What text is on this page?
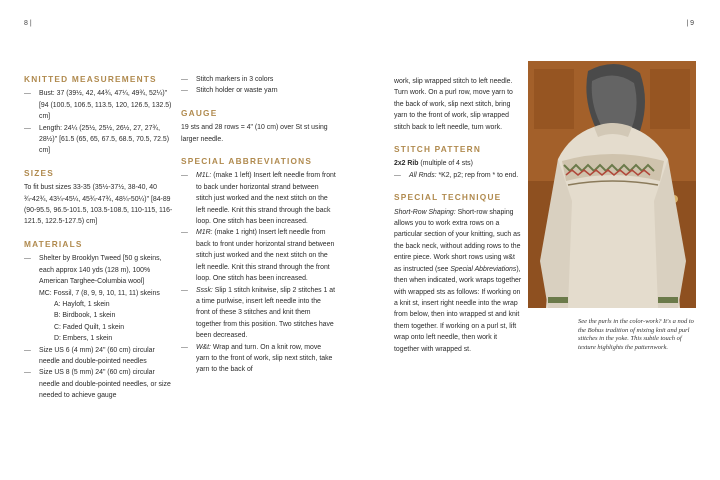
8 |	| 9
KNITTED MEASUREMENTS
— Bust: 37 (39½, 42, 44¾, 47¼, 49¾, 52¼)" [94 (100.5, 106.5, 113.5, 120, 126.5, 132.5) cm]
— Length: 24¼ (25½, 25½, 26½, 27, 27¾, 28½)" [61.5 (65, 65, 67.5, 68.5, 70.5, 72.5) cm]
SIZES
To fit bust sizes 33-35 (35½-37½, 38-40, 40 ¾-42¾, 43¼-45¼, 45¾-47¾, 48¼-50¼)" [84-89 (90-95.5, 96.5-101.5, 103.5-108.5, 110-115, 116-121.5, 122.5-127.5) cm]
MATERIALS
— Shelter by Brooklyn Tweed [50 g skeins, each approx 140 yds (128 m), 100% American Targhee-Columbia wool]
MC: Fossil, 7 (8, 9, 9, 10, 11, 11) skeins
A: Hayloft, 1 skein
B: Birdbook, 1 skein
C: Faded Quilt, 1 skein
D: Embers, 1 skein
— Size US 6 (4 mm) 24" (60 cm) circular needle and double-pointed needles
— Size US 8 (5 mm) 24" (60 cm) circular needle and double-pointed needles, or size needed to achieve gauge
— Stitch markers in 3 colors
— Stitch holder or waste yarn
GAUGE
19 sts and 28 rows = 4" (10 cm) over St st using larger needle.
SPECIAL ABBREVIATIONS
— M1L: (make 1 left) Insert left needle from front to back under horizontal strand between stitch just worked and the next stitch on the left needle. Knit this strand through the back loop. One stitch has been increased.
— M1R: (make 1 right) Insert left needle from back to front under horizontal strand between stitch just worked and the next stitch on the left needle. Knit this strand through the front loop. One stitch has been increased.
— Sssk: Slip 1 stitch knitwise, slip 2 stitches 1 at a time purlwise, insert left needle into the front of these 3 stitches and knit them together from this position. Two stitches have been decreased.
— W&t: Wrap and turn. On a knit row, move yarn to the front of work, slip next stitch, take yarn to the back of
work, slip wrapped stitch to left needle. Turn work. On a purl row, move yarn to the back of work, slip next stitch, bring yarn to the front of work, slip wrapped stitch back to left needle, turn work.
STITCH PATTERN
2x2 Rib (multiple of 4 sts)
— All Rnds: *K2, p2; rep from * to end.
SPECIAL TECHNIQUE
Short-Row Shaping: Short-row shaping allows you to work extra rows on a particular section of your knitting, such as the back neck, without adding rows to the entire piece. Work short rows using w&t as instructed (see Special Abbreviations), then when indicated, work wraps together with wrapped sts as follows: If working on a knit st, insert right needle into the wrap from below, then into wrapped st and knit them together. If working on a purl st, lift wrap onto left needle, then work it together with wrapped st.
See the purls in the color-work? It's a nod to the Bohus tradition of mixing knit and purl stitches in the yoke. This subtle touch of texture highlights the patternwork.
